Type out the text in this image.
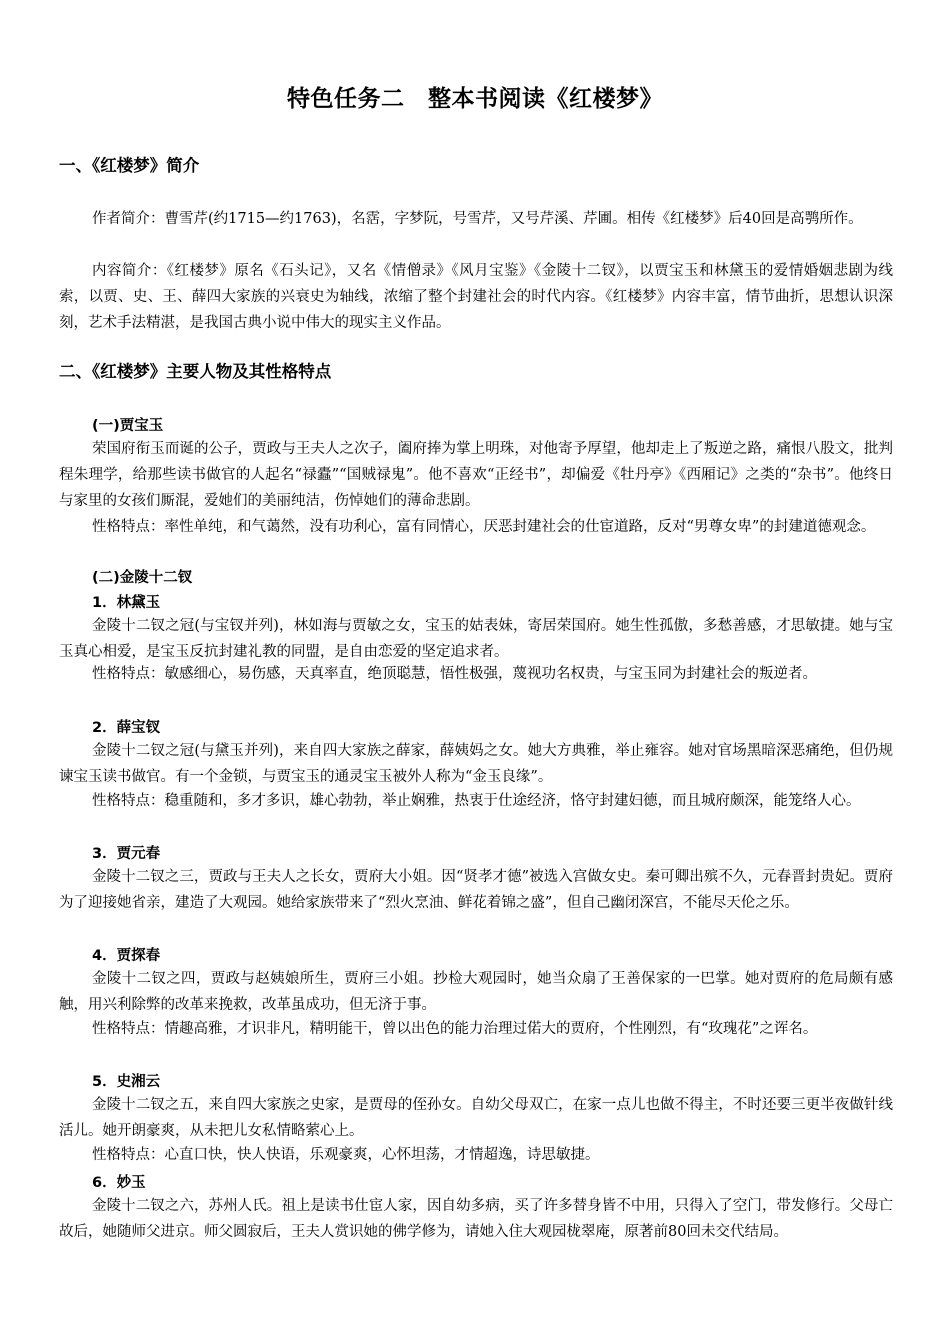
特色任务二　整本书阅读《红楼梦》
一、《红楼梦》简介
作者简介：曹雪芹(约1715—约1763)，名霑，字梦阮，号雪芹，又号芹溪、芹圃。相传《红楼梦》后40回是高鹗所作。
内容简介：《红楼梦》原名《石头记》，又名《情僧录》《风月宝鉴》《金陵十二钗》，以贾宝玉和林黛玉的爱情婚姻悲剧为线索，以贾、史、王、薛四大家族的兴衰史为轴线，浓缩了整个封建社会的时代内容。《红楼梦》内容丰富，情节曲折，思想认识深刻，艺术手法精湛，是我国古典小说中伟大的现实主义作品。
二、《红楼梦》主要人物及其性格特点
(一)贾宝玉
荣国府衔玉而诞的公子，贾政与王夫人之次子，阖府捧为掌上明珠，对他寄予厚望，他却走上了叛逆之路，痛恨八股文，批判程朱理学，给那些读书做官的人起名“禄蠹”“国贼禄鬼”。他不喜欢“正经书”，却偏爱《牡丹亭》《西厢记》之类的“杂书”。他终日与家里的女孩们厮混，爱她们的美丽纯洁，伤悼她们的薄命悲剧。
性格特点：率性单纯，和气蔼然，没有功利心，富有同情心，厌恶封建社会的仕宦道路，反对“男尊女卑”的封建道德观念。
(二)金陵十二钗
1．林黛玉
金陵十二钗之冠(与宝钗并列)，林如海与贾敏之女，宝玉的姑表妹，寄居荣国府。她生性孤傲，多愁善感，才思敏捷。她与宝玉真心相爱，是宝玉反抗封建礼教的同盟，是自由恋爱的坚定追求者。
性格特点：敏感细心，易伤感，天真率直，绝顶聪慧，悟性极强，蔑视功名权贵，与宝玉同为封建社会的叛逆者。
2．薛宝钗
金陵十二钗之冠(与黛玉并列)，来自四大家族之薛家，薛姨妈之女。她大方典雅，举止雍容。她对官场黑暗深恶痛绝，但仍规谏宝玉读书做官。有一个金锁，与贾宝玉的通灵宝玉被外人称为“金玉良缘”。
性格特点：稳重随和，多才多识，雄心勃勃，举止娴雅，热衷于仕途经济，恪守封建妇德，而且城府颇深，能笼络人心。
3．贾元春
金陵十二钗之三，贾政与王夫人之长女，贾府大小姐。因“贤孝才德”被选入宫做女史。秦可卿出殡不久，元春晋封贵妃。贾府为了迎接她省亲，建造了大观园。她给家族带来了“烈火烹油、鲜花着锦之盛”，但自己幽闭深宫，不能尽天伦之乐。
4．贾探春
金陵十二钗之四，贾政与赵姨娘所生，贾府三小姐。抄检大观园时，她当众扇了王善保家的一巴掌。她对贾府的危局颇有感触，用兴利除弊的改革来挽救，改革虽成功，但无济于事。
性格特点：情趣高雅，才识非凡，精明能干，曾以出色的能力治理过偌大的贾府，个性刚烈，有“玫瑰花”之诨名。
5．史湘云
金陵十二钗之五，来自四大家族之史家，是贾母的侄孙女。自幼父母双亡，在家一点儿也做不得主，不时还要三更半夜做针线活儿。她开朗豪爽，从未把儿女私情略萦心上。
性格特点：心直口快，快人快语，乐观豪爽，心怀坦荡，才情超逸，诗思敏捷。
6．妙玉
金陵十二钗之六，苏州人氏。祖上是读书仕宦人家，因自幼多病，买了许多替身皆不中用，只得入了空门，带发修行。父母亡故后，她随师父进京。师父圆寂后，王夫人赏识她的佛学修为，请她入住大观园栊翠庵，原著前80回未交代结局。
